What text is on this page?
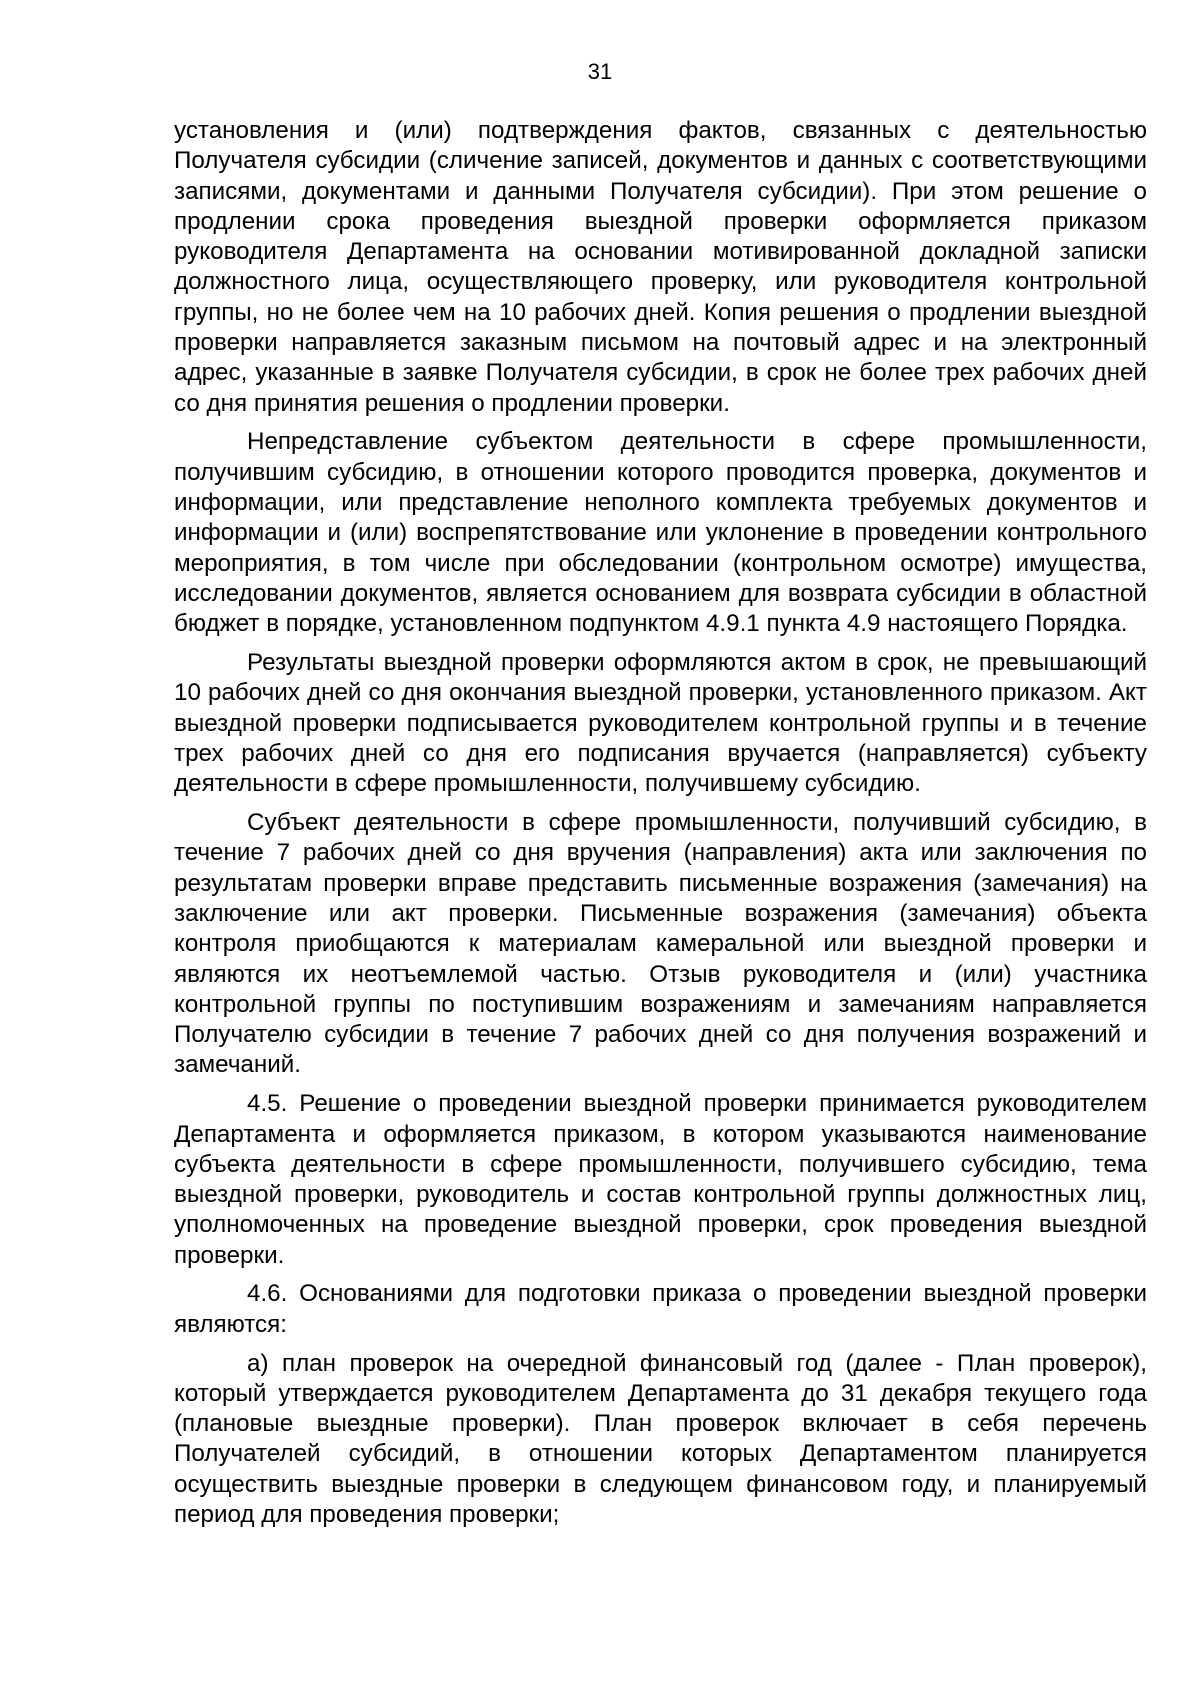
31

установления и (или) подтверждения фактов, связанных с деятельностью Получателя субсидии (сличение записей, документов и данных с соответствующими записями, документами и данными Получателя субсидии). При этом решение о продлении срока проведения выездной проверки оформляется приказом руководителя Департамента на основании мотивированной докладной записки должностного лица, осуществляющего проверку, или руководителя контрольной группы, но не более чем на 10 рабочих дней. Копия решения о продлении выездной проверки направляется заказным письмом на почтовый адрес и на электронный адрес, указанные в заявке Получателя субсидии, в срок не более трех рабочих дней со дня принятия решения о продлении проверки.

Непредставление субъектом деятельности в сфере промышленности, получившим субсидию, в отношении которого проводится проверка, документов и информации, или представление неполного комплекта требуемых документов и информации и (или) воспрепятствование или уклонение в проведении контрольного мероприятия, в том числе при обследовании (контрольном осмотре) имущества, исследовании документов, является основанием для возврата субсидии в областной бюджет в порядке, установленном подпунктом 4.9.1 пункта 4.9 настоящего Порядка.

Результаты выездной проверки оформляются актом в срок, не превышающий 10 рабочих дней со дня окончания выездной проверки, установленного приказом. Акт выездной проверки подписывается руководителем контрольной группы и в течение трех рабочих дней со дня его подписания вручается (направляется) субъекту деятельности в сфере промышленности, получившему субсидию.

Субъект деятельности в сфере промышленности, получивший субсидию, в течение 7 рабочих дней со дня вручения (направления) акта или заключения по результатам проверки вправе представить письменные возражения (замечания) на заключение или акт проверки. Письменные возражения (замечания) объекта контроля приобщаются к материалам камеральной или выездной проверки и являются их неотъемлемой частью. Отзыв руководителя и (или) участника контрольной группы по поступившим возражениям и замечаниям направляется Получателю субсидии в течение 7 рабочих дней со дня получения возражений и замечаний.

4.5. Решение о проведении выездной проверки принимается руководителем Департамента и оформляется приказом, в котором указываются наименование субъекта деятельности в сфере промышленности, получившего субсидию, тема выездной проверки, руководитель и состав контрольной группы должностных лиц, уполномоченных на проведение выездной проверки, срок проведения выездной проверки.

4.6. Основаниями для подготовки приказа о проведении выездной проверки являются:

а) план проверок на очередной финансовый год (далее - План проверок), который утверждается руководителем Департамента до 31 декабря текущего года (плановые выездные проверки). План проверок включает в себя перечень Получателей субсидий, в отношении которых Департаментом планируется осуществить выездные проверки в следующем финансовом году, и планируемый период для проведения проверки;
